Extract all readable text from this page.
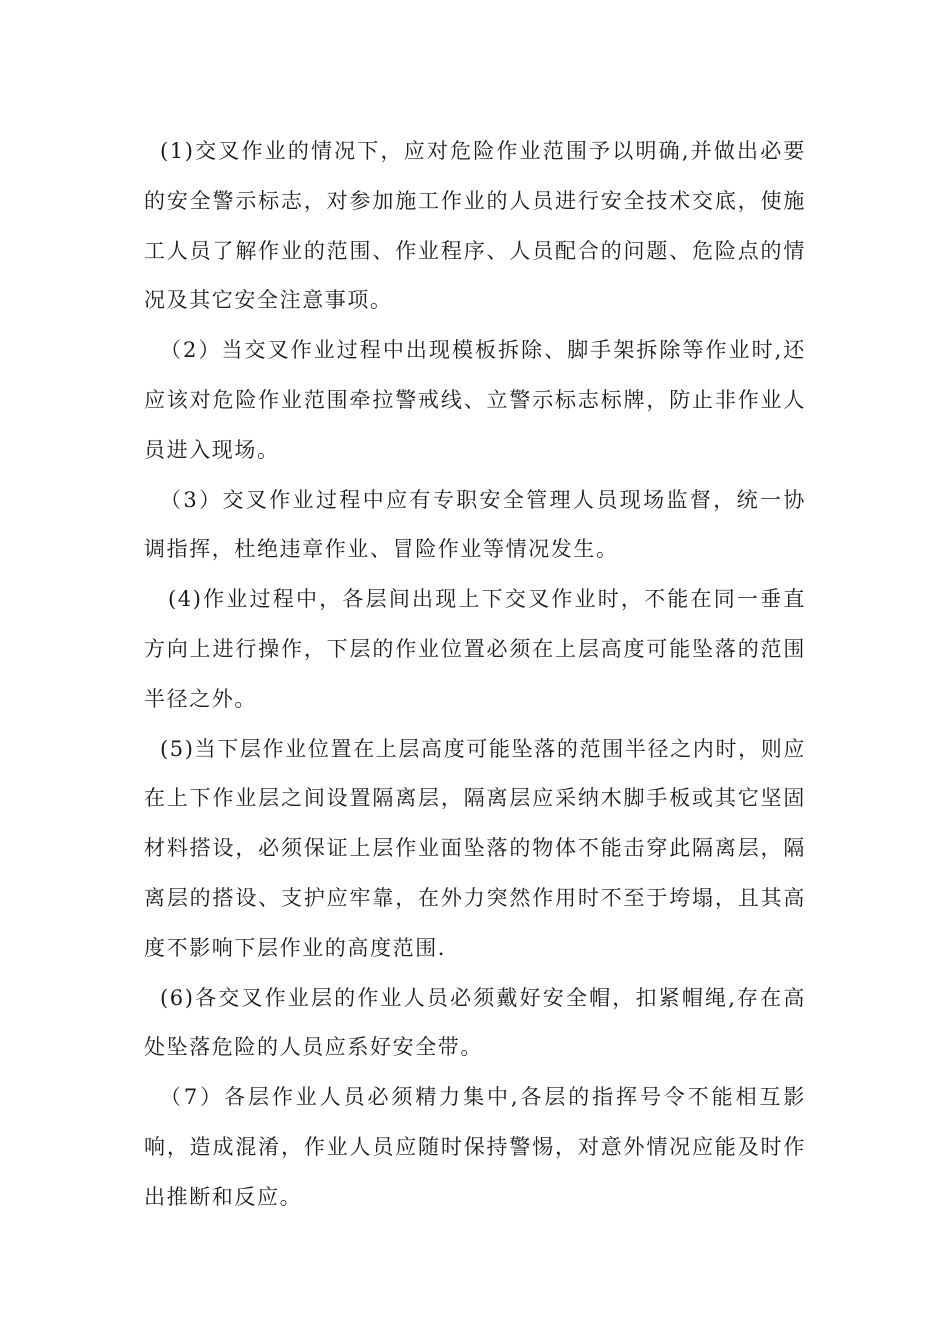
(1)交叉作业的情况下，应对危险作业范围予以明确,并做出必要的安全警示标志，对参加施工作业的人员进行安全技术交底，使施工人员了解作业的范围、作业程序、人员配合的问题、危险点的情况及其它安全注意事项。

（2）当交叉作业过程中出现模板拆除、脚手架拆除等作业时,还应该对危险作业范围牵拉警戒线、立警示标志标牌，防止非作业人员进入现场。

（3）交叉作业过程中应有专职安全管理人员现场监督，统一协调指挥，杜绝违章作业、冒险作业等情况发生。

(4)作业过程中，各层间出现上下交叉作业时，不能在同一垂直方向上进行操作，下层的作业位置必须在上层高度可能坠落的范围半径之外。

(5)当下层作业位置在上层高度可能坠落的范围半径之内时，则应在上下作业层之间设置隔离层，隔离层应采纳木脚手板或其它坚固材料搭设，必须保证上层作业面坠落的物体不能击穿此隔离层，隔离层的搭设、支护应牢靠，在外力突然作用时不至于垮塌，且其高度不影响下层作业的高度范围.

(6)各交叉作业层的作业人员必须戴好安全帽，扣紧帽绳,存在高处坠落危险的人员应系好安全带。

（7）各层作业人员必须精力集中,各层的指挥号令不能相互影响，造成混淆，作业人员应随时保持警惕，对意外情况应能及时作出推断和反应。
